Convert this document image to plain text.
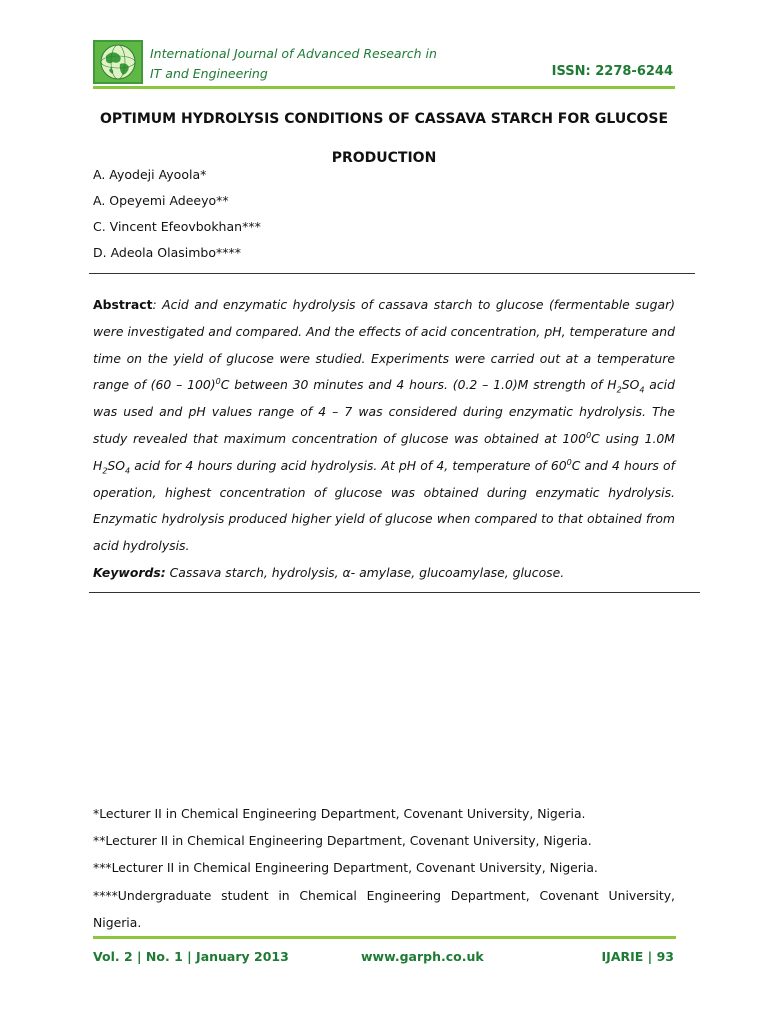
International Journal of Advanced Research in
IT and Engineering	ISSN: 2278-6244
OPTIMUM HYDROLYSIS CONDITIONS OF CASSAVA STARCH FOR GLUCOSE
PRODUCTION
A. Ayodeji Ayoola*
A. Opeyemi Adeeyo**
C. Vincent Efeovbokhan***
D. Adeola Olasimbo****
Abstract: Acid and enzymatic hydrolysis of cassava starch to glucose (fermentable sugar) were investigated and compared. And the effects of acid concentration, pH, temperature and time on the yield of glucose were studied. Experiments were carried out at a temperature range of (60 – 100)$^0$C between 30 minutes and 4 hours. (0.2 – 1.0)M strength of $H_2SO_4$ acid was used and pH values range of 4 – 7 was considered during enzymatic hydrolysis. The study revealed that maximum concentration of glucose was obtained at $100^0C$ using 1.0M $H_2SO_4$ acid for 4 hours during acid hydrolysis. At pH of 4, temperature of $60^0C$ and 4 hours of operation, highest concentration of glucose was obtained during enzymatic hydrolysis. Enzymatic hydrolysis produced higher yield of glucose when compared to that obtained from acid hydrolysis.
Keywords: Cassava starch, hydrolysis, α- amylase, glucoamylase, glucose.
*Lecturer II in Chemical Engineering Department, Covenant University, Nigeria.
**Lecturer II in Chemical Engineering Department, Covenant University, Nigeria.
***Lecturer II in Chemical Engineering Department, Covenant University, Nigeria.
****Undergraduate student in Chemical Engineering Department, Covenant University, Nigeria.
Vol. 2 | No. 1 | January 2013	www.garph.co.uk	IJARIE | 93
